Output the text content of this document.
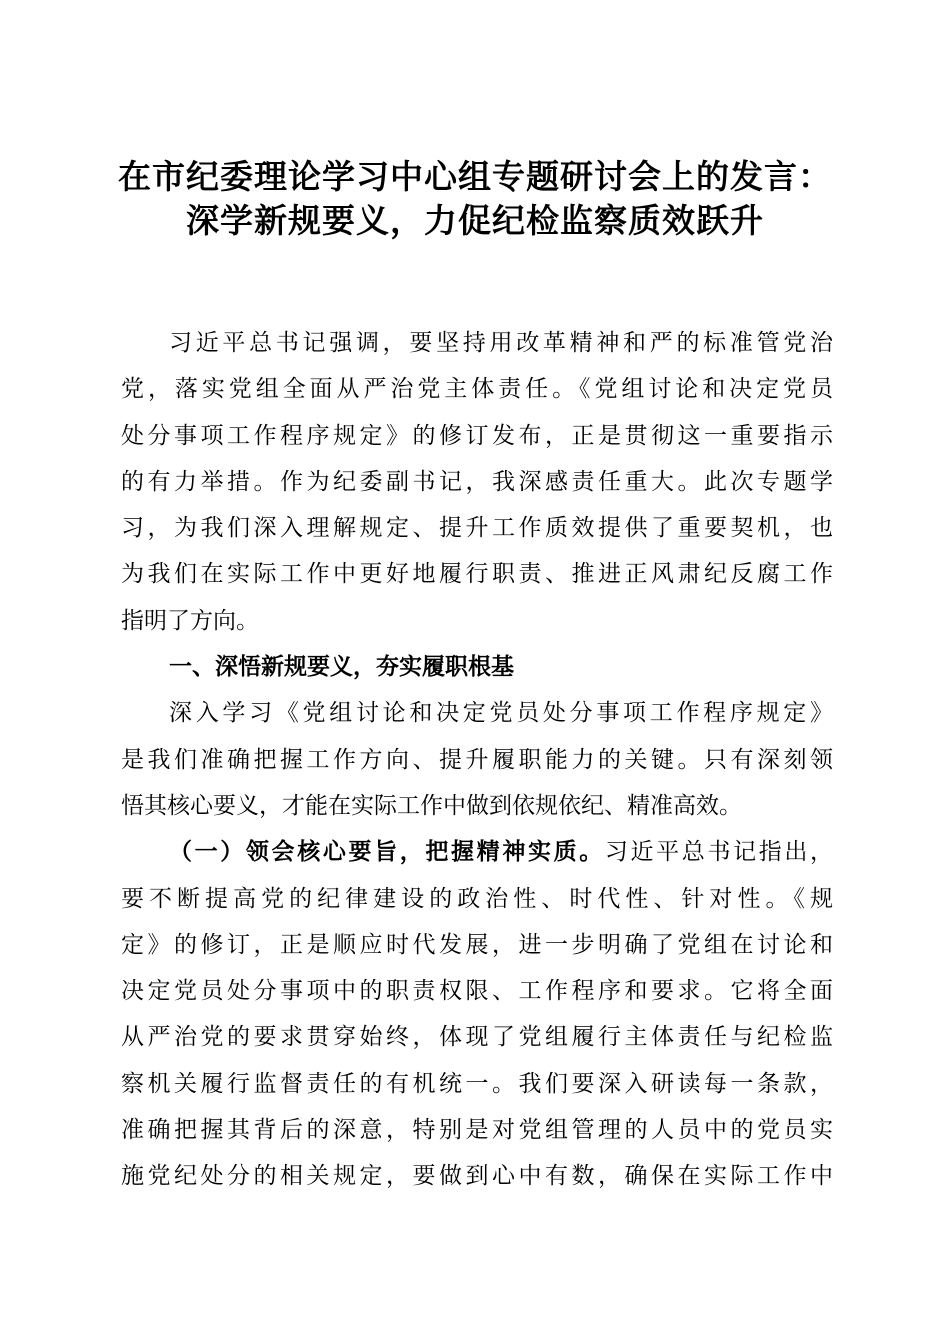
在市纪委理论学习中心组专题研讨会上的发言：
深学新规要义，力促纪检监察质效跃升
习近平总书记强调，要坚持用改革精神和严的标准管党治
党，落实党组全面从严治党主体责任。《党组讨论和决定党员
处分事项工作程序规定》的修订发布，正是贯彻这一重要指示
的有力举措。作为纪委副书记，我深感责任重大。此次专题学
习，为我们深入理解规定、提升工作质效提供了重要契机，也
为我们在实际工作中更好地履行职责、推进正风肃纪反腐工作
指明了方向。
一、深悟新规要义，夯实履职根基
深入学习《党组讨论和决定党员处分事项工作程序规定》
是我们准确把握工作方向、提升履职能力的关键。只有深刻领
悟其核心要义，才能在实际工作中做到依规依纪、精准高效。
（一）领会核心要旨，把握精神实质。习近平总书记指出，
要不断提高党的纪律建设的政治性、时代性、针对性。《规
定》的修订，正是顺应时代发展，进一步明确了党组在讨论和
决定党员处分事项中的职责权限、工作程序和要求。它将全面
从严治党的要求贯穿始终，体现了党组履行主体责任与纪检监
察机关履行监督责任的有机统一。我们要深入研读每一条款，
准确把握其背后的深意，特别是对党组管理的人员中的党员实
施党纪处分的相关规定，要做到心中有数，确保在实际工作中
